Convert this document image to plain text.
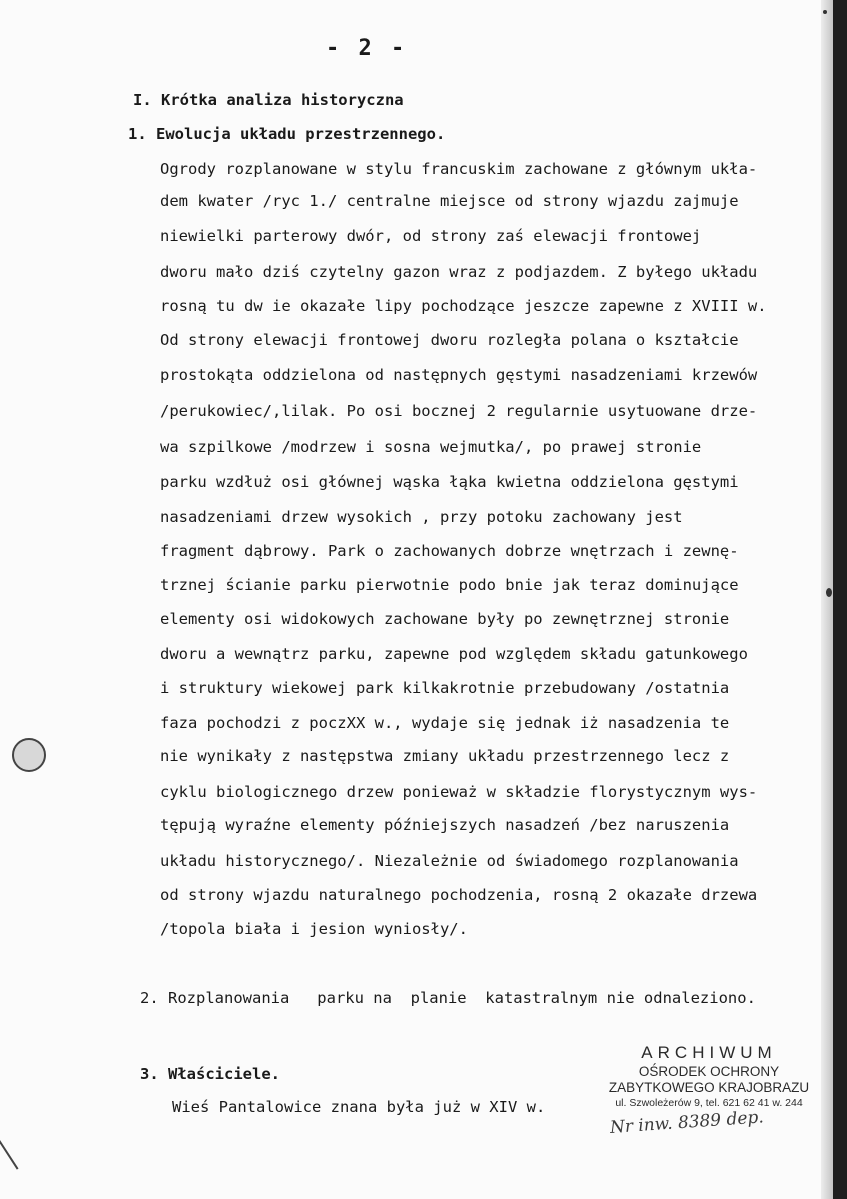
- 2 -
I. Krótka analiza historyczna
1. Ewolucja układu przestrzennego.
Ogrody rozplanowane w stylu francuskim zachowane z głównym ukła-
dem kwater /ryc 1./ centralne miejsce od strony wjazdu zajmuje
niewielki parterowy dwór, od strony zaś elewacji frontowej
dworu mało dziś czytelny gazon wraz z podjazdem. Z byłego układu
rosną tu dw ie okazałe lipy pochodzące jeszcze zapewne z XVIII w.
Od strony elewacji frontowej dworu rozległa polana o kształcie
prostokąta oddzielona od następnych gęstymi nasadzeniami krzewów
/perukowiec/,lilak. Po osi bocznej 2 regularnie usytuowane drze-
wa szpilkowe /modrzew i sosna wejmutka/, po prawej stronie
parku wzdłuż osi głównej wąska łąka kwietna oddzielona gęstymi
nasadzeniami drzew wysokich , przy potoku zachowany jest
fragment dąbrowy. Park o zachowanych dobrze wnętrzach i zewnę-
trznej ścianie parku pierwotnie podo bnie jak teraz dominujące
elementy osi widokowych zachowane były po zewnętrznej stronie
dworu a wewnątrz parku, zapewne pod względem składu gatunkowego
i struktury wiekowej park kilkakrotnie przebudowany /ostatnia
faza pochodzi z poczXX w., wydaje się jednak iż nasadzenia te
nie wynikały z następstwa zmiany układu przestrzennego lecz z
cyklu biologicznego drzew ponieważ w składzie florystycznym wys-
tępują wyraźne elementy późniejszych nasadzeń /bez naruszenia
układu historycznego/. Niezależnie od świadomego rozplanowania
od strony wjazdu naturalnego pochodzenia, rosną 2 okazałe drzewa
/topola biała i jesion wyniosły/.
2. Rozplanowania   parku na  planie  katastralnym nie odnaleziono.
3. Właściciele.
Wieś Pantalowice znana była już w XIV w.
ARCHIWUM
OŚRODEK OCHRONY
ZABYTKOWEGO KRAJOBRAZU
ul. Szwoleżerów 9, tel. 621 62 41 w. 244
Nr inw. 8389 dep.
